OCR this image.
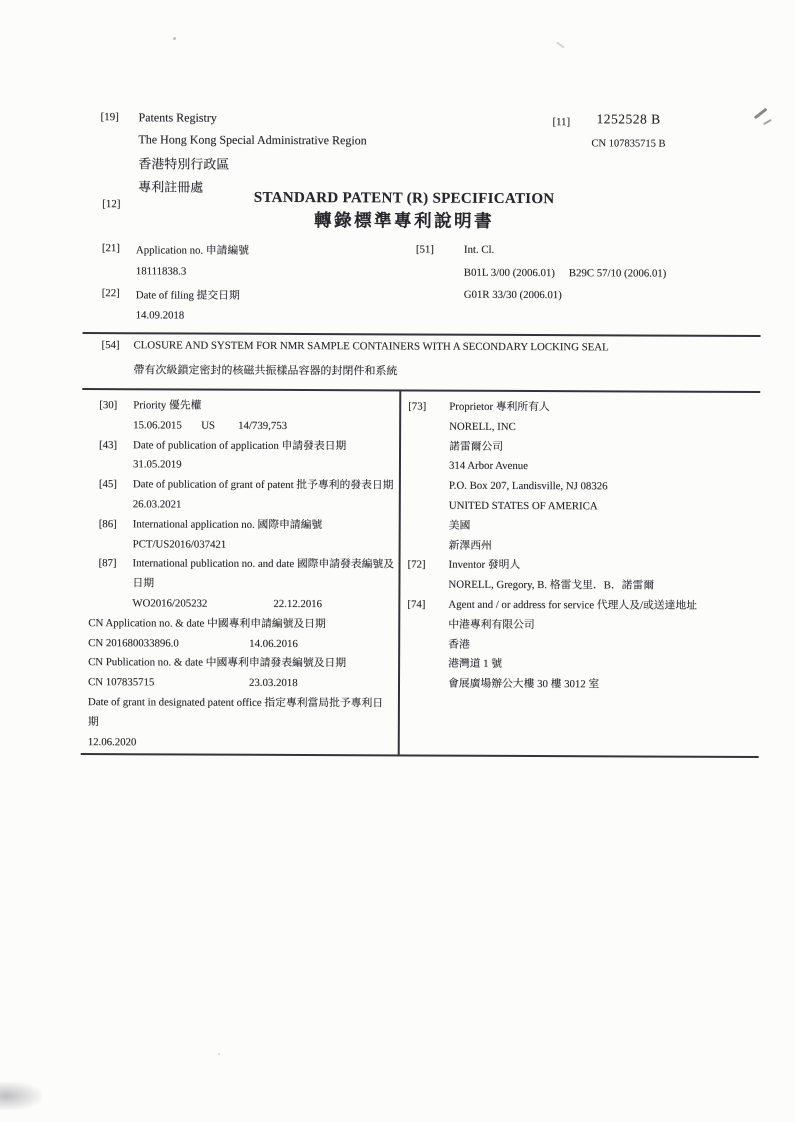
[19] Patents Registry
The Hong Kong Special Administrative Region
香港特別行政區
專利註冊處
[11] 1252528 B
CN 107835715 B
[12]	STANDARD PATENT (R) SPECIFICATION
轉錄標準專利說明書
[21] Application no. 申請編號
18111838.3
[22] Date of filing 提交日期
14.09.2018
[51]	Int. Cl.
B01L 3/00 (2006.01) B29C 57/10 (2006.01)
G01R 33/30 (2006.01)
[54] CLOSURE AND SYSTEM FOR NMR SAMPLE CONTAINERS WITH A SECONDARY LOCKING SEAL
帶有次級鎖定密封的核磁共振樣品容器的封閉件和系統
[30] Priority 優先權
15.06.2015 US 14/739,753
[43] Date of publication of application 申請發表日期
31.05.2019
[45] Date of publication of grant of patent 批予專利的發表日期
26.03.2021
[86] International application no. 國際申請編號
PCT/US2016/037421
[87] International publication no. and date 國際申請發表編號及
日期
WO2016/205232	22.12.2016
CN Application no. & date 中國專利申請編號及日期
CN 201680033896.0	14.06.2016
CN Publication no. & date 中國專利申請發表編號及日期
CN 107835715	23.03.2018
Date of grant in designated patent office 指定專利當局批予專利日
期
12.06.2020
[73] Proprietor 專利所有人
NORELL, INC
諾雷爾公司
314 Arbor Avenue
P.O. Box 207, Landisville, NJ 08326
UNITED STATES OF AMERICA
美國
新澤西州
[72] Inventor 發明人
NORELL, Gregory, B. 格雷戈里．B．諾雷爾
[74] Agent and / or address for service 代理人及/或送達地址
中港專利有限公司
香港
港灣道 1 號
會展廣場辦公大樓 30 樓 3012 室
